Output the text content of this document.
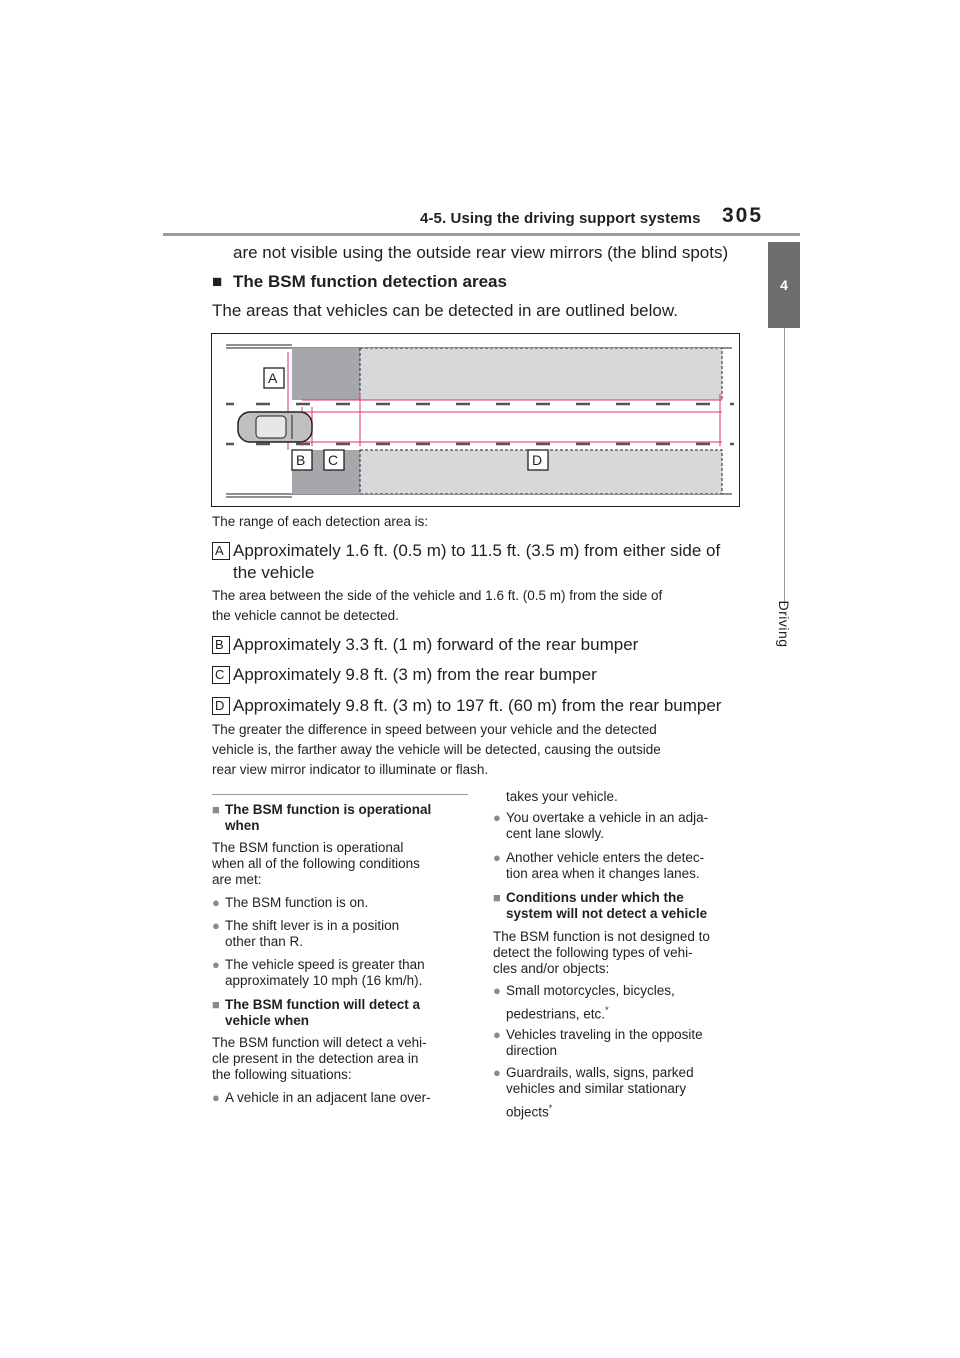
4-5. Using the driving support systems 305
4
Driving
are not visible using the outside rear view mirrors (the blind spots)
■ The BSM function detection areas
The areas that vehicles can be detected in are outlined below.
A
B C	D
The range of each detection area is:
A Approximately 1.6 ft. (0.5 m) to 11.5 ft. (3.5 m) from either side of
the vehicle
The area between the side of the vehicle and 1.6 ft. (0.5 m) from the side of
the vehicle cannot be detected.
B Approximately 3.3 ft. (1 m) forward of the rear bumper
C Approximately 9.8 ft. (3 m) from the rear bumper
D Approximately 9.8 ft. (3 m) to 197 ft. (60 m) from the rear bumper
The greater the difference in speed between your vehicle and the detected
vehicle is, the farther away the vehicle will be detected, causing the outside
rear view mirror indicator to illuminate or flash.
■ The BSM function is operational
when
The BSM function is operational
when all of the following conditions
are met:
● The BSM function is on.
● The shift lever is in a position
other than R.
● The vehicle speed is greater than
approximately 10 mph (16 km/h).
■ The BSM function will detect a
vehicle when
The BSM function will detect a vehi-
cle present in the detection area in
the following situations:
● A vehicle in an adjacent lane over-
takes your vehicle.
● You overtake a vehicle in an adja-
cent lane slowly.
● Another vehicle enters the detec-
tion area when it changes lanes.
■ Conditions under which the
system will not detect a vehicle
The BSM function is not designed to
detect the following types of vehi-
cles and/or objects:
● Small motorcycles, bicycles,
pedestrians, etc.*
● Vehicles traveling in the opposite
direction
● Guardrails, walls, signs, parked
vehicles and similar stationary
objects*
